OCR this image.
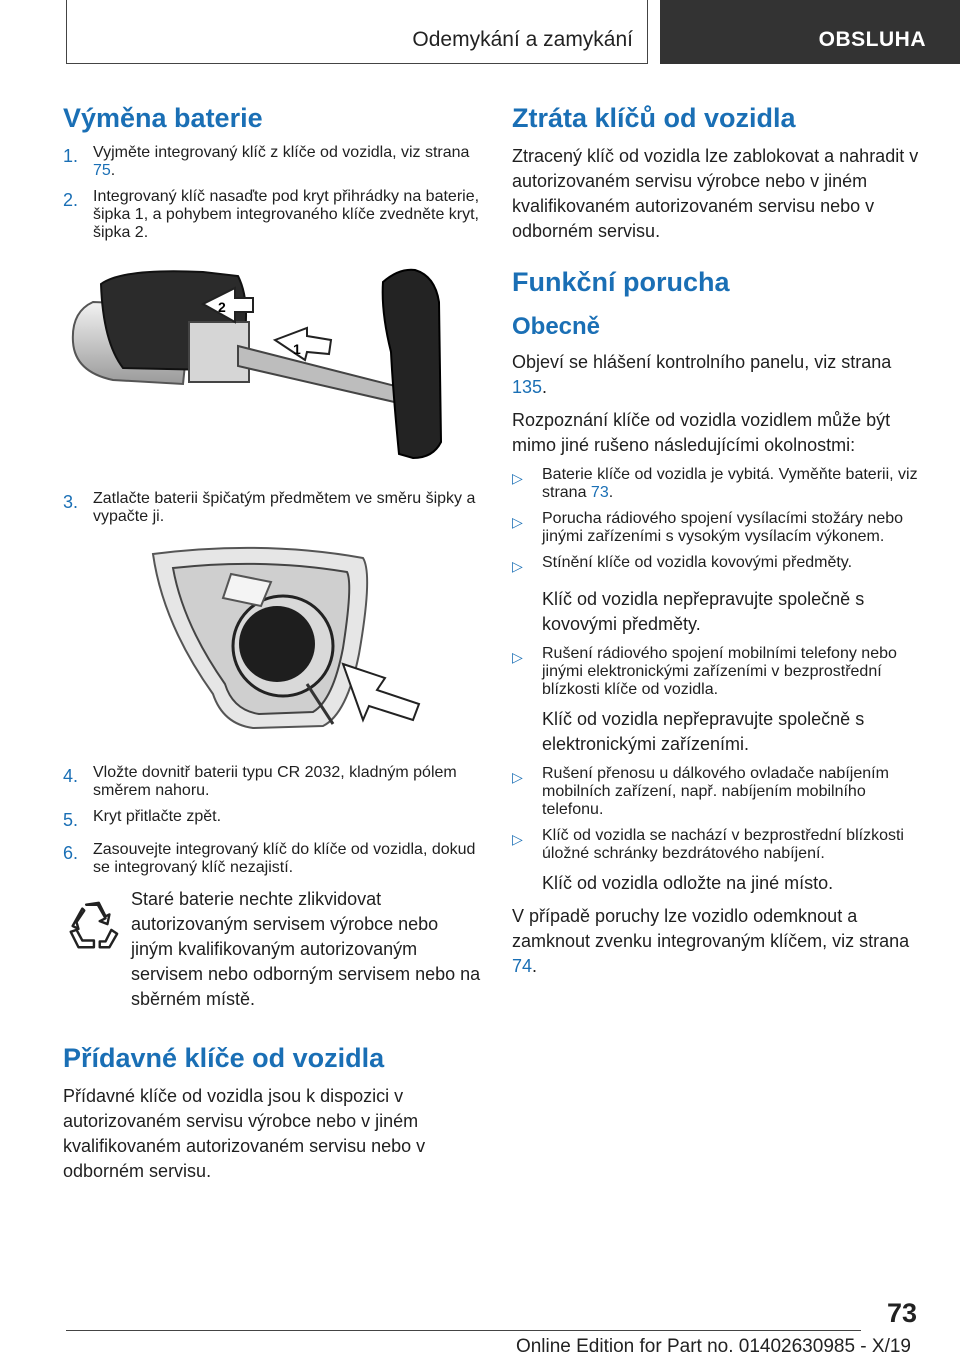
Odemykání a zamykání	OBSLUHA
Výměna baterie
1. Vyjměte integrovaný klíč z klíče od vozidla, viz strana 75.
2. Integrovaný klíč nasaďte pod kryt přihrádky na baterie, šipka 1, a pohybem integrovaného klíče zvedněte kryt, šipka 2.
2
1
3. Zatlačte baterii špičatým předmětem ve směru šipky a vypačte ji.
4. Vložte dovnitř baterii typu CR 2032, kladným pólem směrem nahoru.
5. Kryt přitlačte zpět.
6. Zasouvejte integrovaný klíč do klíče od vozidla, dokud se integrovaný klíč nezajistí.

Staré baterie nechte zlikvidovat autorizovaným servisem výrobce nebo jiným kvalifikovaným autorizovaným servisem nebo odborným servisem nebo na sběrném místě.

Přídavné klíče od vozidla

Přídavné klíče od vozidla jsou k dispozici v autorizovaném servisu výrobce nebo v jiném kvalifikovaném autorizovaném servisu nebo v odborném servisu.

Ztráta klíčů od vozidla

Ztracený klíč od vozidla lze zablokovat a nahradit v autorizovaném servisu výrobce nebo v jiném kvalifikovaném autorizovaném servisu nebo v odborném servisu.

Funkční porucha
Obecně

Objeví se hlášení kontrolního panelu, viz strana 135.

Rozpoznání klíče od vozidla vozidlem může být mimo jiné rušeno následujícími okolnostmi:

▷	Baterie klíče od vozidla je vybitá. Vyměňte baterii, viz strana 73.
▷	Porucha rádiového spojení vysílacími stožáry nebo jinými zařízeními s vysokým vysílacím výkonem.
▷	Stínění klíče od vozidla kovovými předměty.

Klíč od vozidla nepřepravujte společně s kovovými předměty.

▷	Rušení rádiového spojení mobilními telefony nebo jinými elektronickými zařízeními v bezprostřední blízkosti klíče od vozidla.

Klíč od vozidla nepřepravujte společně s elektronickými zařízeními.

▷	Rušení přenosu u dálkového ovladače nabíjením mobilních zařízení, např. nabíjením mobilního telefonu.
▷	Klíč od vozidla se nachází v bezprostřední blízkosti úložné schránky bezdrátového nabíjení.

Klíč od vozidla odložte na jiné místo.

V případě poruchy lze vozidlo odemknout a zamknout zvenku integrovaným klíčem, viz strana 74.

73
Online Edition for Part no. 01402630985 - X/19
